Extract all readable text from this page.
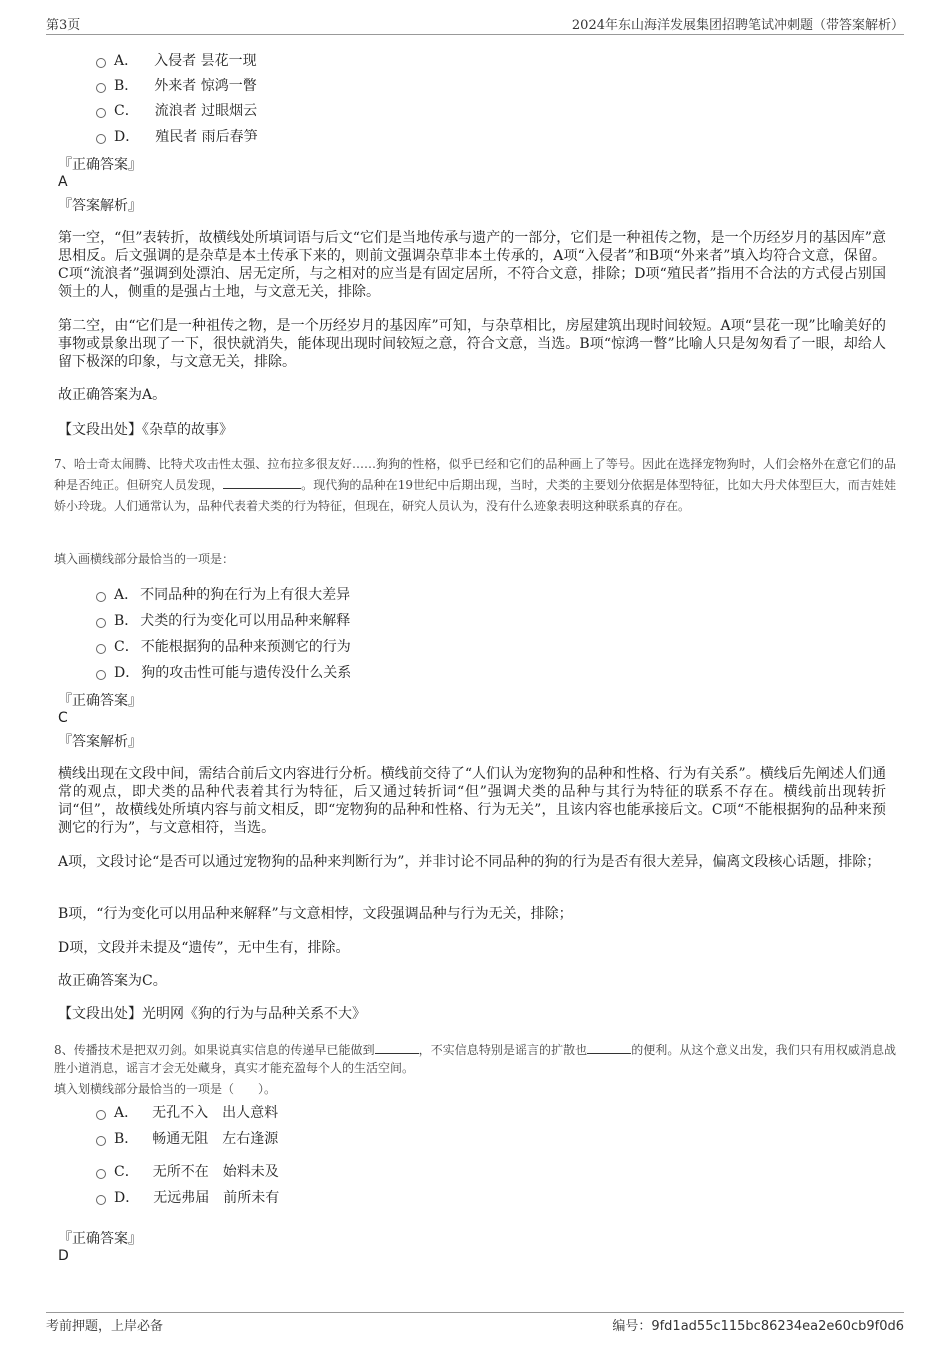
第3页	2024年东山海洋发展集团招聘笔试冲刺题（带答案解析）
A． 入侵者 昙花一现
B． 外来者 惊鸿一瞥
C． 流浪者 过眼烟云
D． 殖民者 雨后春笋
『正确答案』
A
『答案解析』
第一空，“但”表转折，故横线处所填词语与后文“它们是当地传承与遗产的一部分，它们是一种祖传之物，是一个历经岁月的基因库”意思相反。后文强调的是杂草是本土传承下来的，则前文强调杂草非本土传承的，A项“入侵者”和B项“外来者”填入均符合文意，保留。C项“流浪者”强调到处漂泊、居无定所，与之相对的应当是有固定居所，不符合文意，排除；D项“殖民者”指用不合法的方式侵占别国领土的人，侧重的是强占土地，与文意无关，排除。
第二空，由“它们是一种祖传之物，是一个历经岁月的基因库”可知，与杂草相比，房屋建筑出现时间较短。A项“昙花一现”比喻美好的事物或景象出现了一下，很快就消失，能体现出现时间较短之意，符合文意，当选。B项“惊鸿一瞥”比喻人只是匆匆看了一眼，却给人留下极深的印象，与文意无关，排除。
故正确答案为A。
【文段出处】《杂草的故事》
7、哈士奇太闹腾、比特犬攻击性太强、拉布拉多很友好……狗狗的性格，似乎已经和它们的品种画上了等号。因此在选择宠物狗时，人们会格外在意它们的品种是否纯正。但研究人员发现，	。现代狗的品种在19世纪中后期出现，当时，犬类的主要划分依据是体型特征，比如大丹犬体型巨大，而吉娃娃娇小玲珑。人们通常认为，品种代表着犬类的行为特征，但现在，研究人员认为，没有什么迹象表明这种联系真的存在。
填入画横线部分最恰当的一项是：
A． 不同品种的狗在行为上有很大差异
B． 犬类的行为变化可以用品种来解释
C． 不能根据狗的品种来预测它的行为
D． 狗的攻击性可能与遗传没什么关系
『正确答案』
C
『答案解析』
横线出现在文段中间，需结合前后文内容进行分析。横线前交待了“人们认为宠物狗的品种和性格、行为有关系”。横线后先阐述人们通常的观点，即犬类的品种代表着其行为特征，后又通过转折词“但”强调犬类的品种与其行为特征的联系不存在。横线前出现转折词“但”，故横线处所填内容与前文相反，即“宠物狗的品种和性格、行为无关”，且该内容也能承接后文。C项“不能根据狗的品种来预测它的行为”，与文意相符，当选。
A项，文段讨论“是否可以通过宠物狗的品种来判断行为”，并非讨论不同品种的狗的行为是否有很大差异，偏离文段核心话题，排除；
B项，“行为变化可以用品种来解释”与文意相悖，文段强调品种与行为无关，排除；
D项，文段并未提及“遗传”，无中生有，排除。
故正确答案为C。
【文段出处】光明网《狗的行为与品种关系不大》
8、传播技术是把双刃剑。如果说真实信息的传递早已能做到	，不实信息特别是谣言的扩散也	的便利。从这个意义出发，我们只有用权威消息战胜小道消息，谣言才会无处藏身，真实才能充盈每个人的生活空间。
填入划横线部分最恰当的一项是（　　）。
A． 无孔不入　出人意料
B． 畅通无阻　左右逢源
C． 无所不在　始料未及
D． 无远弗届　前所未有
『正确答案』
D
考前押题，上岸必备	编号：9fd1ad55c115bc86234ea2e60cb9f0d6
